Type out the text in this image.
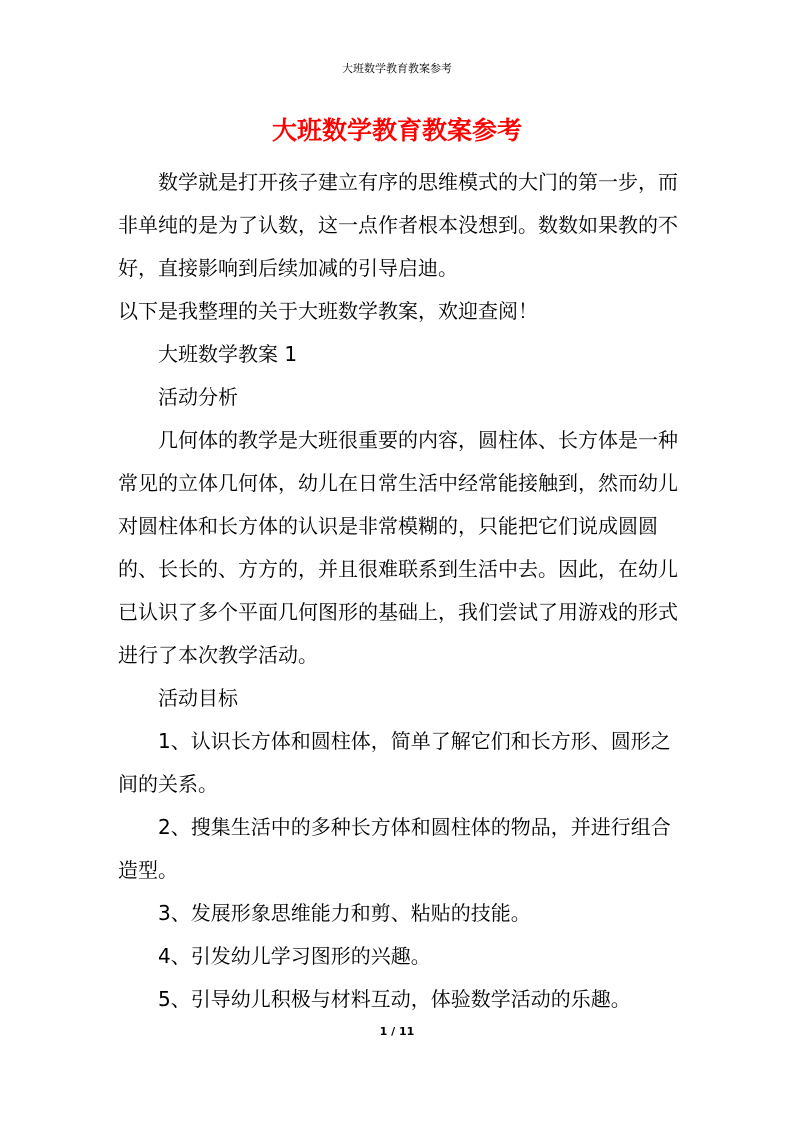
大班数学教育教案参考
大班数学教育教案参考

数学就是打开孩子建立有序的思维模式的大门的第一步，而非单纯的是为了认数，这一点作者根本没想到。数数如果教的不好，直接影响到后续加减的引导启迪。

以下是我整理的关于大班数学教案，欢迎查阅！

大班数学教案 1

活动分析

几何体的教学是大班很重要的内容，圆柱体、长方体是一种常见的立体几何体，幼儿在日常生活中经常能接触到，然而幼儿对圆柱体和长方体的认识是非常模糊的，只能把它们说成圆圆的、长长的、方方的，并且很难联系到生活中去。因此，在幼儿已认识了多个平面几何图形的基础上，我们尝试了用游戏的形式进行了本次教学活动。

活动目标

1、认识长方体和圆柱体，简单了解它们和长方形、圆形之间的关系。

2、搜集生活中的多种长方体和圆柱体的物品，并进行组合造型。

3、发展形象思维能力和剪、粘贴的技能。

4、引发幼儿学习图形的兴趣。

5、引导幼儿积极与材料互动，体验数学活动的乐趣。

1 / 11
